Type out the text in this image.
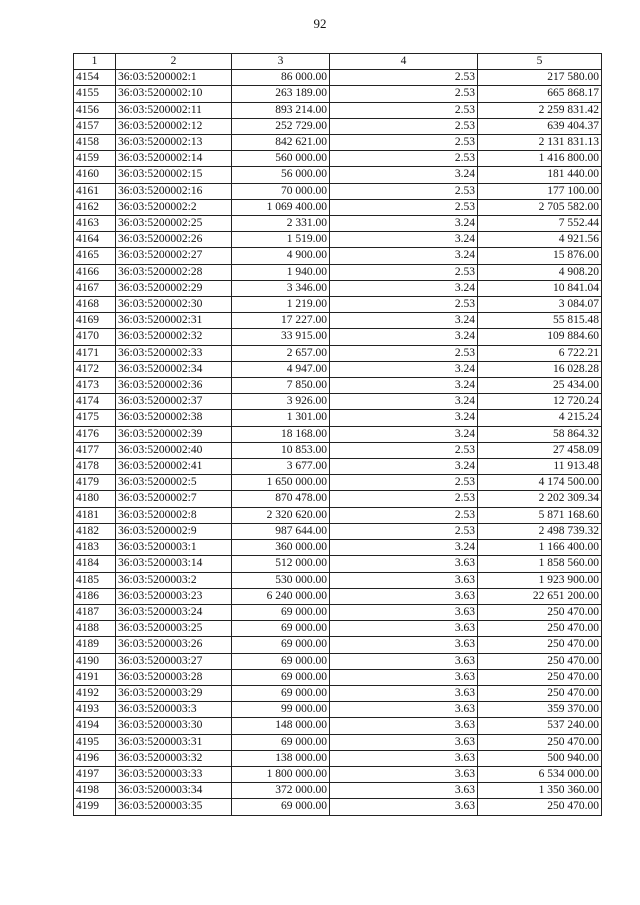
92
1	2	3	4	5
4154	36:03:5200002:1	86 000.00	2.53	217 580.00
4155	36:03:5200002:10	263 189.00	2.53	665 868.17
4156	36:03:5200002:11	893 214.00	2.53	2 259 831.42
4157	36:03:5200002:12	252 729.00	2.53	639 404.37
4158	36:03:5200002:13	842 621.00	2.53	2 131 831.13
4159	36:03:5200002:14	560 000.00	2.53	1 416 800.00
4160	36:03:5200002:15	56 000.00	3.24	181 440.00
4161	36:03:5200002:16	70 000.00	2.53	177 100.00
4162	36:03:5200002:2	1 069 400.00	2.53	2 705 582.00
4163	36:03:5200002:25	2 331.00	3.24	7 552.44
4164	36:03:5200002:26	1 519.00	3.24	4 921.56
4165	36:03:5200002:27	4 900.00	3.24	15 876.00
4166	36:03:5200002:28	1 940.00	2.53	4 908.20
4167	36:03:5200002:29	3 346.00	3.24	10 841.04
4168	36:03:5200002:30	1 219.00	2.53	3 084.07
4169	36:03:5200002:31	17 227.00	3.24	55 815.48
4170	36:03:5200002:32	33 915.00	3.24	109 884.60
4171	36:03:5200002:33	2 657.00	2.53	6 722.21
4172	36:03:5200002:34	4 947.00	3.24	16 028.28
4173	36:03:5200002:36	7 850.00	3.24	25 434.00
4174	36:03:5200002:37	3 926.00	3.24	12 720.24
4175	36:03:5200002:38	1 301.00	3.24	4 215.24
4176	36:03:5200002:39	18 168.00	3.24	58 864.32
4177	36:03:5200002:40	10 853.00	2.53	27 458.09
4178	36:03:5200002:41	3 677.00	3.24	11 913.48
4179	36:03:5200002:5	1 650 000.00	2.53	4 174 500.00
4180	36:03:5200002:7	870 478.00	2.53	2 202 309.34
4181	36:03:5200002:8	2 320 620.00	2.53	5 871 168.60
4182	36:03:5200002:9	987 644.00	2.53	2 498 739.32
4183	36:03:5200003:1	360 000.00	3.24	1 166 400.00
4184	36:03:5200003:14	512 000.00	3.63	1 858 560.00
4185	36:03:5200003:2	530 000.00	3.63	1 923 900.00
4186	36:03:5200003:23	6 240 000.00	3.63	22 651 200.00
4187	36:03:5200003:24	69 000.00	3.63	250 470.00
4188	36:03:5200003:25	69 000.00	3.63	250 470.00
4189	36:03:5200003:26	69 000.00	3.63	250 470.00
4190	36:03:5200003:27	69 000.00	3.63	250 470.00
4191	36:03:5200003:28	69 000.00	3.63	250 470.00
4192	36:03:5200003:29	69 000.00	3.63	250 470.00
4193	36:03:5200003:3	99 000.00	3.63	359 370.00
4194	36:03:5200003:30	148 000.00	3.63	537 240.00
4195	36:03:5200003:31	69 000.00	3.63	250 470.00
4196	36:03:5200003:32	138 000.00	3.63	500 940.00
4197	36:03:5200003:33	1 800 000.00	3.63	6 534 000.00
4198	36:03:5200003:34	372 000.00	3.63	1 350 360.00
4199	36:03:5200003:35	69 000.00	3.63	250 470.00
